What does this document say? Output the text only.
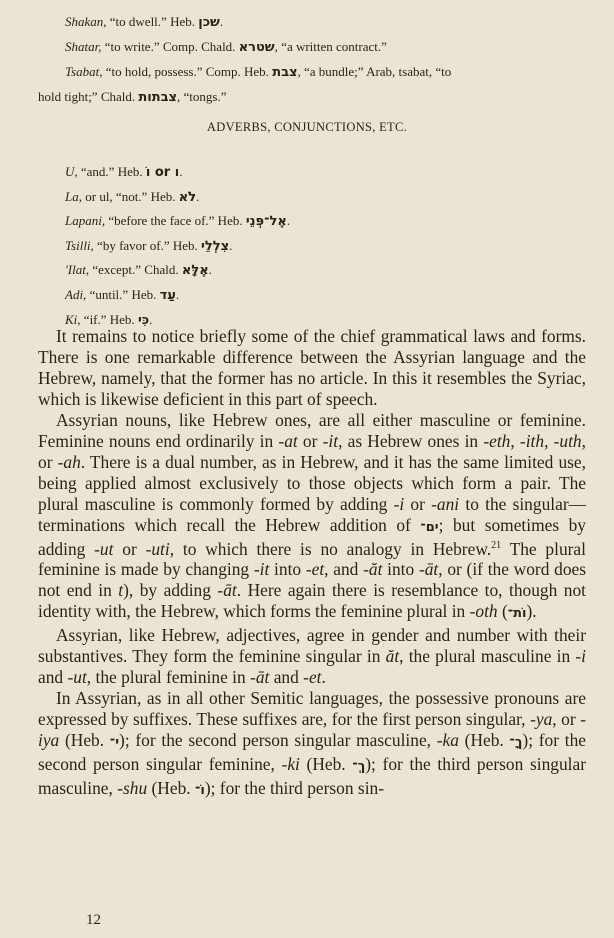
Shakan, “to dwell.” Heb. שכן.
Shatar, “to write.” Comp. Chald. שטרא, “a written contract.”
Tsabat, “to hold, possess.” Comp. Heb. צבת, “a bundle;” Arab, tsabat, “to
hold tight;” Chald. צבתות, “tongs.”
ADVERBS, CONJUNCTIONS, ETC.
U, “and.” Heb. ו or וֹ.
La, or ul, “not.” Heb. לֹא.
Lapani, “before the face of.” Heb. אֶל־פְּנֵי.
Tsilli, “by favor of.” Heb. צִלְלֵי.
'Ilat, “except.” Chald. אֶלָּא.
Adi, “until.” Heb. עַד.
Ki, “if.” Heb. כִּי.

It remains to notice briefly some of the chief grammatical laws and forms. There is one remarkable difference between the Assyrian language and the Hebrew, namely, that the former has no article. In this it resembles the Syriac, which is likewise deficient in this part of speech.

Assyrian nouns, like Hebrew ones, are all either masculine or feminine. Feminine nouns end ordinarily in -at or -it, as Hebrew ones in -eth, -ith, -uth, or -ah. There is a dual number, as in Hebrew, and it has the same limited use, being applied almost exclusively to those objects which form a pair. The plural masculine is commonly formed by adding -i or -ani to the singular—terminations which recall the Hebrew addition of ים־; but sometimes by adding -ut or -uti, to which there is no analogy in Hebrew.$^{21}$ The plural feminine is made by changing -it into -et, and -ăt into -āt, or (if the word does not end in t), by adding -āt. Here again there is resemblance to, though not identity with, the Hebrew, which forms the feminine plural in -oth (וֹת־).

Assyrian, like Hebrew, adjectives, agree in gender and number with their substantives. They form the feminine singular in ăt, the plural masculine in -i and -ut, the plural feminine in -āt and -et.

In Assyrian, as in all other Semitic languages, the possessive pronouns are expressed by suffixes. These suffixes are, for the first person singular, -ya, or -iya (Heb. י־); for the second person singular masculine, -ka (Heb. ךָ־); for the second person singular feminine, -ki (Heb. ךְ־); for the third person singular masculine, -shu (Heb. וֹ־); for the third person sin-

12
